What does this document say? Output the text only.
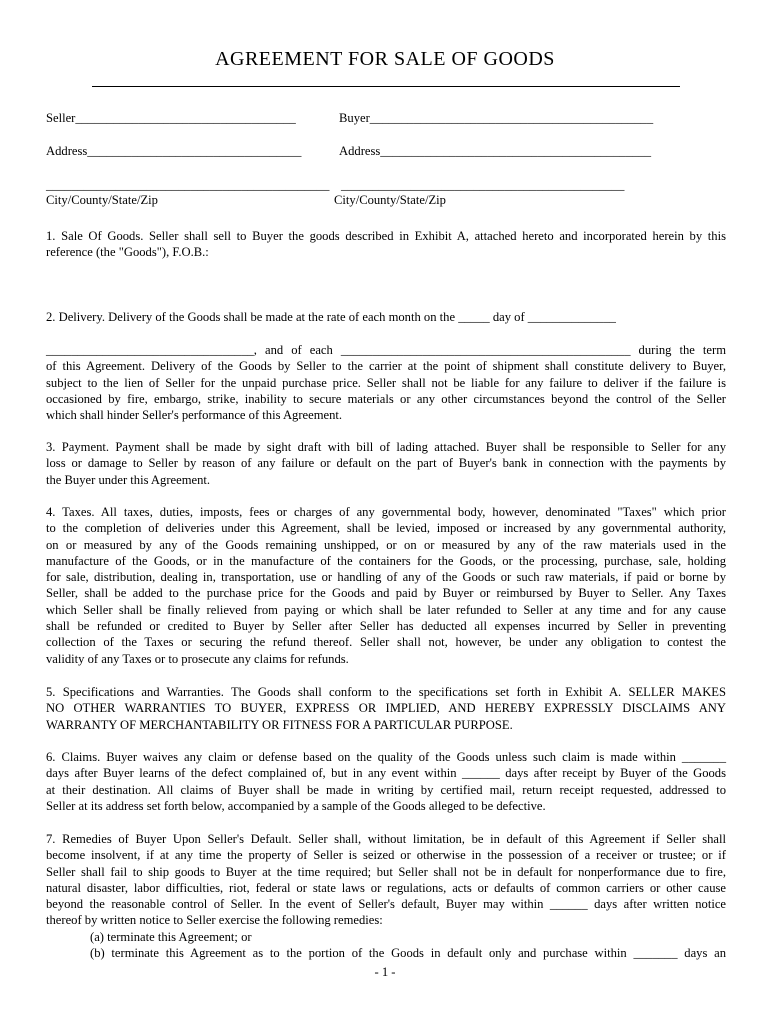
AGREEMENT FOR SALE OF GOODS
Seller___________________________________	Buyer_____________________________________________
Address__________________________________	Address___________________________________________
_____________________________________________ _____________________________________________
City/County/State/Zip	City/County/State/Zip
1. Sale Of Goods. Seller shall sell to Buyer the goods described in Exhibit A, attached hereto and incorporated herein by this
reference (the "Goods"), F.O.B.:
2. Delivery. Delivery of the Goods shall be made at the rate of each month on the _____ day of ______________
_________________________________, and of each ______________________________________________ during the term
of this Agreement. Delivery of the Goods by Seller to the carrier at the point of shipment shall constitute delivery to Buyer,
subject to the lien of Seller for the unpaid purchase price. Seller shall not be liable for any failure to deliver if the failure is
occasioned by fire, embargo, strike, inability to secure materials or any other circumstances beyond the control of the Seller
which shall hinder Seller's performance of this Agreement.
3. Payment. Payment shall be made by sight draft with bill of lading attached. Buyer shall be responsible to Seller for any
loss or damage to Seller by reason of any failure or default on the part of Buyer's bank in connection with the payments by
the Buyer under this Agreement.
4. Taxes. All taxes, duties, imposts, fees or charges of any governmental body, however, denominated "Taxes" which prior
to the completion of deliveries under this Agreement, shall be levied, imposed or increased by any governmental authority,
on or measured by any of the Goods remaining unshipped, or on or measured by any of the raw materials used in the
manufacture of the Goods, or in the manufacture of the containers for the Goods, or the processing, purchase, sale, holding
for sale, distribution, dealing in, transportation, use or handling of any of the Goods or such raw materials, if paid or borne by
Seller, shall be added to the purchase price for the Goods and paid by Buyer or reimbursed by Buyer to Seller. Any Taxes
which Seller shall be finally relieved from paying or which shall be later refunded to Seller at any time and for any cause
shall be refunded or credited to Buyer by Seller after Seller has deducted all expenses incurred by Seller in preventing
collection of the Taxes or securing the refund thereof. Seller shall not, however, be under any obligation to contest the
validity of any Taxes or to prosecute any claims for refunds.
5. Specifications and Warranties. The Goods shall conform to the specifications set forth in Exhibit A. SELLER MAKES
NO OTHER WARRANTIES TO BUYER, EXPRESS OR IMPLIED, AND HEREBY EXPRESSLY DISCLAIMS ANY
WARRANTY OF MERCHANTABILITY OR FITNESS FOR A PARTICULAR PURPOSE.
6. Claims. Buyer waives any claim or defense based on the quality of the Goods unless such claim is made within _______
days after Buyer learns of the defect complained of, but in any event within ______ days after receipt by Buyer of the Goods
at their destination. All claims of Buyer shall be made in writing by certified mail, return receipt requested, addressed to
Seller at its address set forth below, accompanied by a sample of the Goods alleged to be defective.
7. Remedies of Buyer Upon Seller's Default. Seller shall, without limitation, be in default of this Agreement if Seller shall
become insolvent, if at any time the property of Seller is seized or otherwise in the possession of a receiver or trustee; or if
Seller shall fail to ship goods to Buyer at the time required; but Seller shall not be in default for nonperformance due to fire,
natural disaster, labor difficulties, riot, federal or state laws or regulations, acts or defaults of common carriers or other cause
beyond the reasonable control of Seller. In the event of Seller's default, Buyer may within ______ days after written notice
thereof by written notice to Seller exercise the following remedies:
(a) terminate this Agreement; or
(b) terminate this Agreement as to the portion of the Goods in default only and purchase within _______ days an
- 1 -
